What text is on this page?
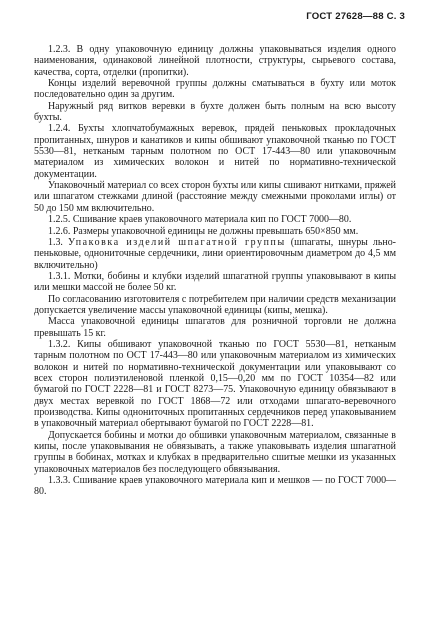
ГОСТ 27628—88 С. 3

1.2.3. В одну упаковочную единицу должны упаковываться изделия одного наименования, одинаковой линейной плотности, структуры, сырьевого состава, качества, сорта, отделки (пропитки).

Концы изделий веревочной группы должны сматываться в бухту или моток последовательно один за другим.

Наружный ряд витков веревки в бухте должен быть полным на всю высоту бухты.

1.2.4. Бухты хлопчатобумажных веревок, прядей пеньковых прокладочных пропитанных, шнуров и канатиков и кипы обшивают упаковочной тканью по ГОСТ 5530—81, нетканым тарным полотном по ОСТ 17-443—80 или упаковочным материалом из химических волокон и нитей по нормативно-технической документации.

Упаковочный материал со всех сторон бухты или кипы сшивают нитками, пряжей или шпагатом стежками длиной (расстояние между смежными проколами иглы) от 50 до 150 мм включительно.

1.2.5. Сшивание краев упаковочного материала кип по ГОСТ 7000—80.

1.2.6. Размеры упаковочной единицы не должны превышать 650×850 мм.

1.3. Упаковка изделий шпагатной группы (шпагаты, шнуры льно-пеньковые, однониточные сердечники, лини ориентировочным диаметром до 4,5 мм включительно)

1.3.1. Мотки, бобины и клубки изделий шпагатной группы упаковывают в кипы или мешки массой не более 50 кг.

По согласованию изготовителя с потребителем при наличии средств механизации допускается увеличение массы упаковочной единицы (кипы, мешка).

Масса упаковочной единицы шпагатов для розничной торговли не должна превышать 15 кг.

1.3.2. Кипы обшивают упаковочной тканью по ГОСТ 5530—81, нетканым тарным полотном по ОСТ 17-443—80 или упаковочным материалом из химических волокон и нитей по нормативно-технической документации или упаковывают со всех сторон полиэтиленовой пленкой 0,15—0,20 мм по ГОСТ 10354—82 или бумагой по ГОСТ 2228—81 и ГОСТ 8273—75. Упаковочную единицу обвязывают в двух местах веревкой по ГОСТ 1868—72 или отходами шпагато-веревочного производства. Кипы однониточных пропитанных сердечников перед упаковыванием в упаковочный материал обертывают бумагой по ГОСТ 2228—81.

Допускается бобины и мотки до обшивки упаковочным материалом, связанные в кипы, после упаковывания не обвязывать, а также упаковывать изделия шпагатной группы в бобинах, мотках и клубках в предварительно сшитые мешки из указанных упаковочных материалов без последующего обвязывания.

1.3.3. Сшивание краев упаковочного материала кип и мешков — по ГОСТ 7000—80.
